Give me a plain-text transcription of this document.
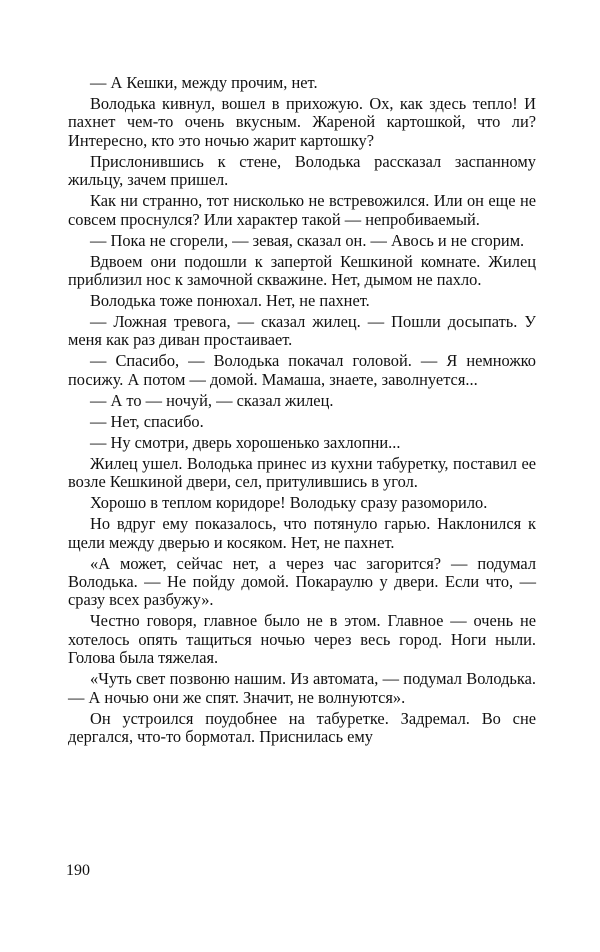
— А Кешки, между прочим, нет.

Володька кивнул, вошел в прихожую. Ох, как здесь тепло! И пахнет чем-то очень вкусным. Жареной картошкой, что ли? Интересно, кто это ночью жарит картошку?

Прислонившись к стене, Володька рассказал заспанному жильцу, зачем пришел.

Как ни странно, тот нисколько не встревожился. Или он еще не совсем проснулся? Или характер такой — непробиваемый.

— Пока не сгорели, — зевая, сказал он. — Авось и не сгорим.

Вдвоем они подошли к запертой Кешкиной комнате. Жилец приблизил нос к замочной скважине. Нет, дымом не пахло.

Володька тоже понюхал. Нет, не пахнет.

— Ложная тревога, — сказал жилец. — Пошли досыпать. У меня как раз диван простаивает.

— Спасибо, — Володька покачал головой. — Я немножко посижу. А потом — домой. Мамаша, знаете, заволнуется...

— А то — ночуй, — сказал жилец.

— Нет, спасибо.

— Ну смотри, дверь хорошенько захлопни...

Жилец ушел. Володька принес из кухни табуретку, поставил ее возле Кешкиной двери, сел, притулившись в угол.

Хорошо в теплом коридоре! Володьку сразу разоморило.

Но вдруг ему показалось, что потянуло гарью. Наклонился к щели между дверью и косяком. Нет, не пахнет.

«А может, сейчас нет, а через час загорится? — подумал Володька. — Не пойду домой. Покараулю у двери. Если что, — сразу всех разбужу».

Честно говоря, главное было не в этом. Главное — очень не хотелось опять тащиться ночью через весь город. Ноги ныли. Голова была тяжелая.

«Чуть свет позвоню нашим. Из автомата, — подумал Володька. — А ночью они же спят. Значит, не волнуются».

Он устроился поудобнее на табуретке. Задремал. Во сне дергался, что-то бормотал. Приснилась ему

190
